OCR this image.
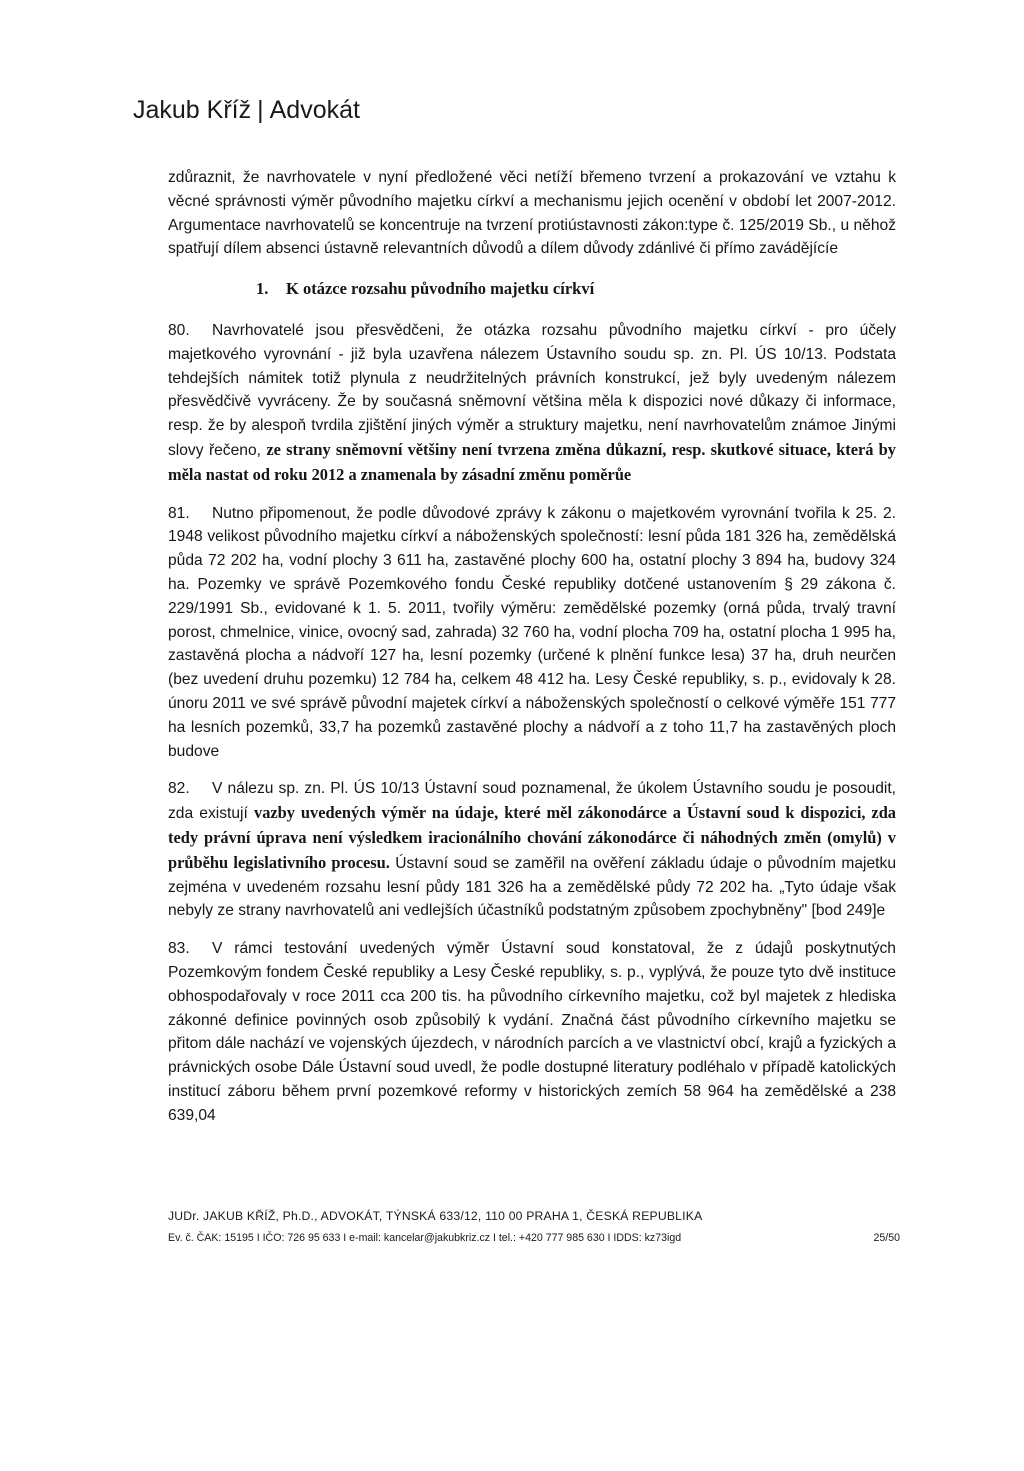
Jakub Kříž | Advokát

zdůraznit, že navrhovatele v nyní předložené věci netíží břemeno tvrzení a prokazování ve vztahu k věcné správnosti výměr původního majetku církví a mechanismu jejich ocenění v období let 2007-2012. Argumentace navrhovatelů se koncentruje na tvrzení protiústavnosti zákon:type č. 125/2019 Sb., u něhož spatřují dílem absenci ústavně relevantních důvodů a dílem důvody zdánlivé či přímo zavádějícíe

1. K otázce rozsahu původního majetku církví

80. Navrhovatelé jsou přesvědčeni, že otázka rozsahu původního majetku církví - pro účely majetkového vyrovnání - již byla uzavřena nálezem Ústavního soudu sp. zn. Pl. ÚS 10/13. Podstata tehdejších námitek totiž plynula z neudržitelných právních konstrukcí, jež byly uvedeným nálezem přesvědčivě vyvráceny. Že by současná sněmovní většina měla k dispozici nové důkazy či informace, resp. že by alespoň tvrdila zjištění jiných výměr a struktury majetku, není navrhovatelům známoe Jinými slovy řečeno, ze strany sněmovní většiny není tvrzena změna důkazní, resp. skutkové situace, která by měla nastat od roku 2012 a znamenala by zásadní změnu poměrůe

81. Nutno připomenout, že podle důvodové zprávy k zákonu o majetkovém vyrovnání tvořila k 25. 2. 1948 velikost původního majetku církví a náboženských společností: lesní půda 181 326 ha, zemědělská půda 72 202 ha, vodní plochy 3 611 ha, zastavěné plochy 600 ha, ostatní plochy 3 894 ha, budovy 324 ha. Pozemky ve správě Pozemkového fondu České republiky dotčené ustanovením § 29 zákona č. 229/1991 Sb., evidované k 1. 5. 2011, tvořily výměru: zemědělské pozemky (orná půda, trvalý travní porost, chmelnice, vinice, ovocný sad, zahrada) 32 760 ha, vodní plocha 709 ha, ostatní plocha 1 995 ha, zastavěná plocha a nádvoří 127 ha, lesní pozemky (určené k plnění funkce lesa) 37 ha, druh neurčen (bez uvedení druhu pozemku) 12 784 ha, celkem 48 412 ha. Lesy České republiky, s. p., evidovaly k 28. únoru 2011 ve své správě původní majetek církví a náboženských společností o celkové výměře 151 777 ha lesních pozemků, 33,7 ha pozemků zastavěné plochy a nádvoří a z toho 11,7 ha zastavěných ploch budove

82. V nálezu sp. zn. Pl. ÚS 10/13 Ústavní soud poznamenal, že úkolem Ústavního soudu je posoudit, zda existují vazby uvedených výměr na údaje, které měl zákonodárce a Ústavní soud k dispozici, zda tedy právní úprava není výsledkem iracionálního chování zákonodárce či náhodných změn (omylů) v průběhu legislativního procesu. Ústavní soud se zaměřil na ověření základu údaje o původním majetku zejména v uvedeném rozsahu lesní půdy 181 326 ha a zemědělské půdy 72 202 ha. „Tyto údaje však nebyly ze strany navrhovatelů ani vedlejších účastníků podstatným způsobem zpochybněny" [bod 249]e

83. V rámci testování uvedených výměr Ústavní soud konstatoval, že z údajů poskytnutých Pozemkovým fondem České republiky a Lesy České republiky, s. p., vyplývá, že pouze tyto dvě instituce obhospodařovaly v roce 2011 cca 200 tis. ha původního církevního majetku, což byl majetek z hlediska zákonné definice povinných osob způsobilý k vydání. Značná část původního církevního majetku se přitom dále nachází ve vojenských újezdech, v národních parcích a ve vlastnictví obcí, krajů a fyzických a právnických osobe Dále Ústavní soud uvedl, že podle dostupné literatury podléhalo v případě katolických institucí záboru během první pozemkové reformy v historických zemích 58 964 ha zemědělské a 238 639,04

JUDr. JAKUB KŘÍŽ, Ph.D., ADVOKÁT, TÝNSKÁ 633/12, 110 00 PRAHA 1, ČESKÁ REPUBLIKA
Ev. č. ČAK: 15195 I IČO: 726 95 633 I e-mail: kancelar@jakubkriz.cz I tel.: +420 777 985 630 I IDDS: kz73igd	25/50
